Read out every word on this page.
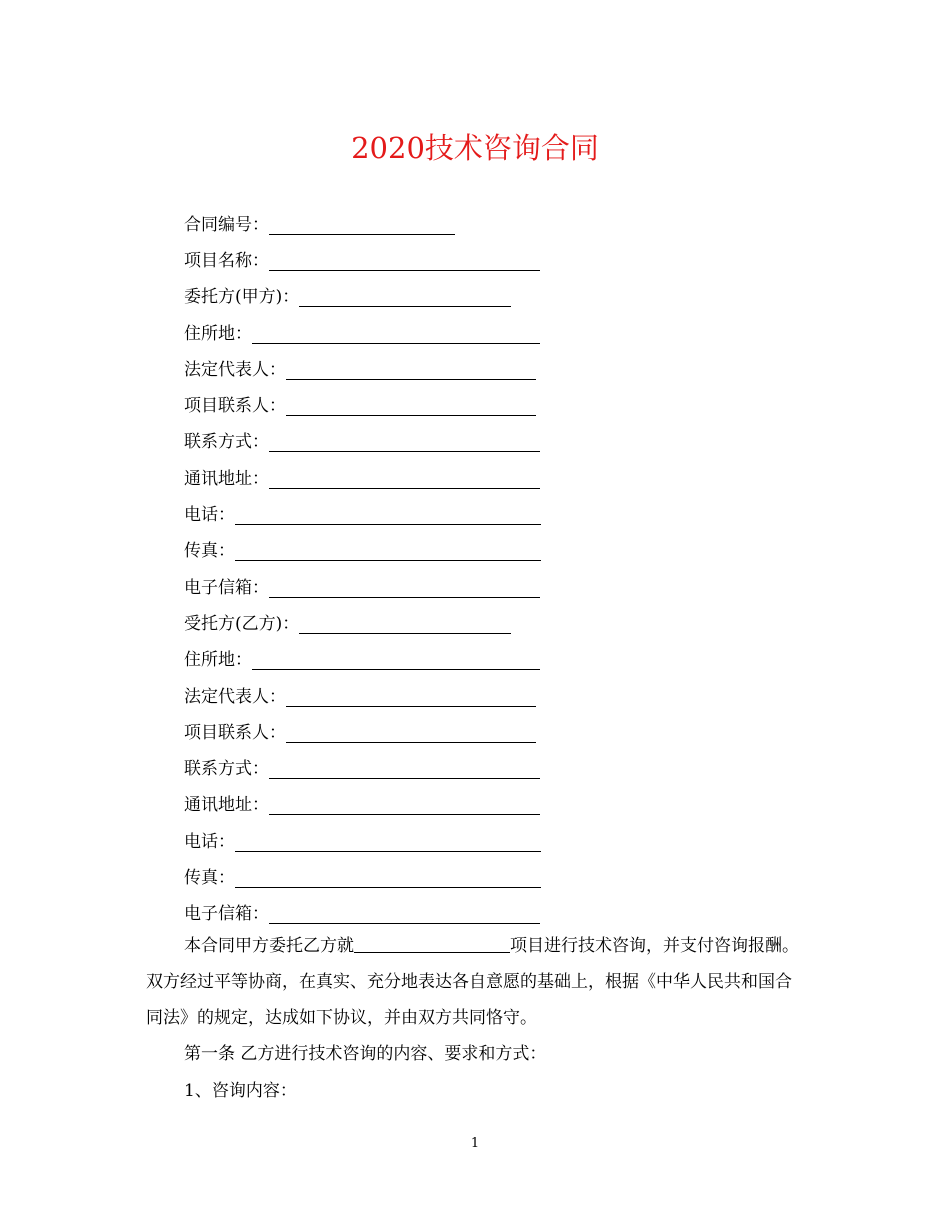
2020技术咨询合同
合同编号：
项目名称：
委托方(甲方)：
住所地：
法定代表人：
项目联系人：
联系方式：
通讯地址：
电话：
传真：
电子信箱：
受托方(乙方)：
住所地：
法定代表人：
项目联系人：
联系方式：
通讯地址：
电话：
传真：
电子信箱：

本合同甲方委托乙方就	项目进行技术咨询，并支付咨询报酬。双方经过平等协商，在真实、充分地表达各自意愿的基础上，根据《中华人民共和国合同法》的规定，达成如下协议，并由双方共同恪守。

第一条 乙方进行技术咨询的内容、要求和方式：

1、咨询内容：

1
